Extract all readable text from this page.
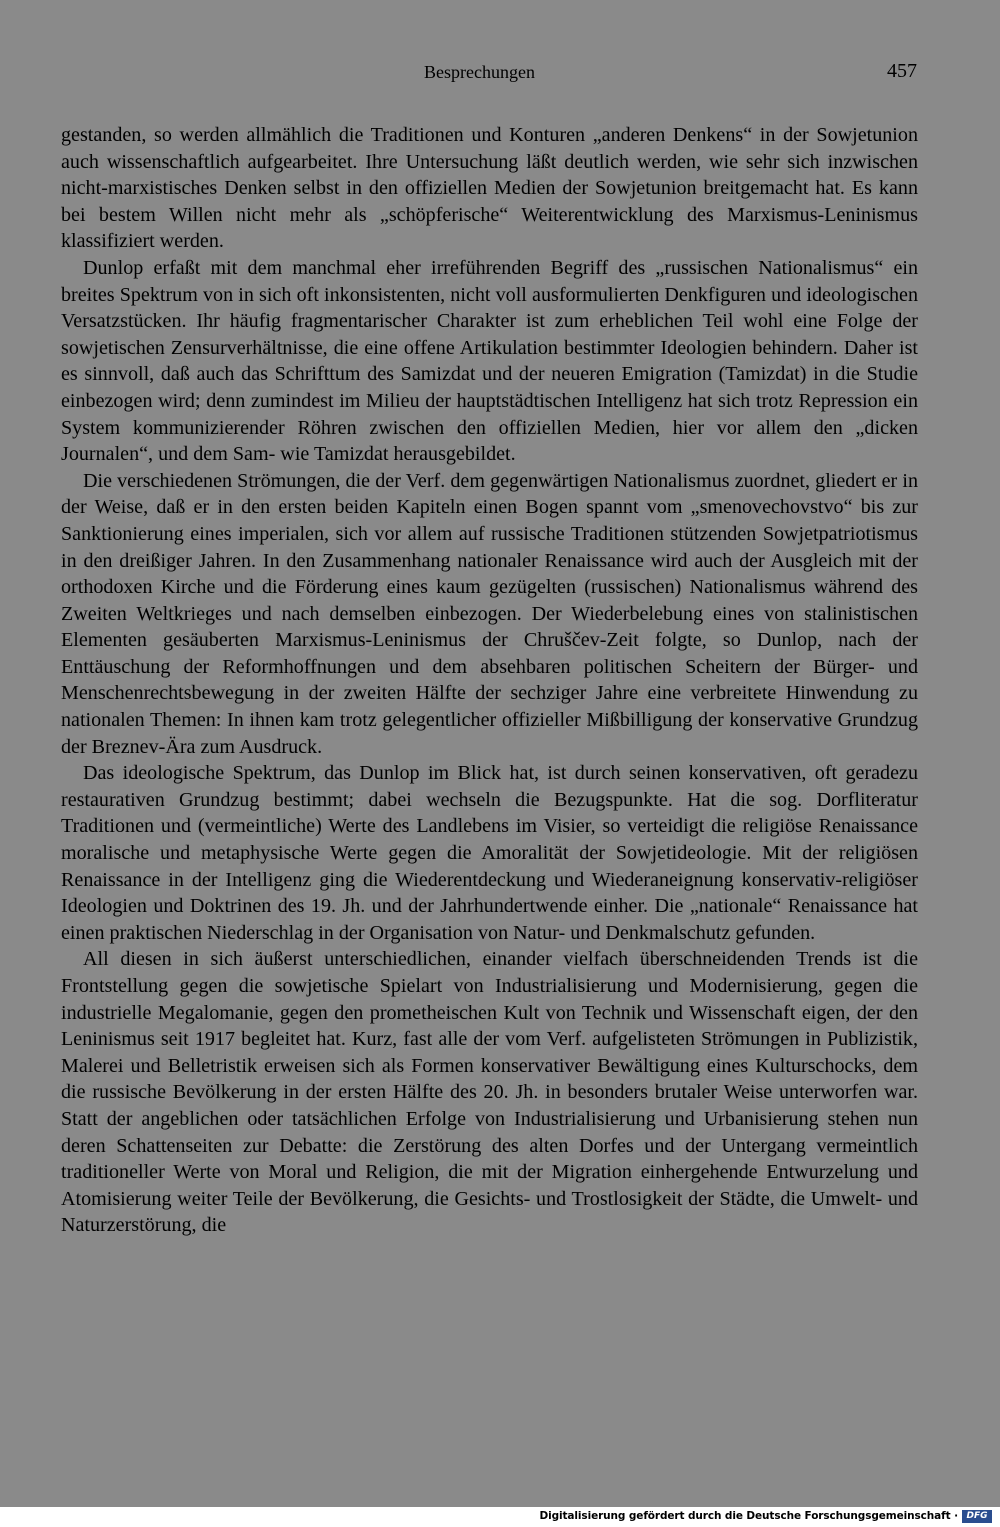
Besprechungen	457

gestanden, so werden allmählich die Traditionen und Konturen „anderen Denkens“ in der Sowjetunion auch wissenschaftlich aufgearbeitet. Ihre Untersuchung läßt deutlich werden, wie sehr sich inzwischen nicht-marxistisches Denken selbst in den offiziellen Medien der Sowjetunion breitgemacht hat. Es kann bei bestem Willen nicht mehr als „schöpferische“ Weiterentwicklung des Marxismus-Leninismus klassifiziert werden.

Dunlop erfaßt mit dem manchmal eher irreführenden Begriff des „russischen Nationalismus“ ein breites Spektrum von in sich oft inkonsistenten, nicht voll ausformulierten Denkfiguren und ideologischen Versatzstücken. Ihr häufig fragmentarischer Charakter ist zum erheblichen Teil wohl eine Folge der sowjetischen Zensurverhältnisse, die eine offene Artikulation bestimmter Ideologien behindern. Daher ist es sinnvoll, daß auch das Schrifttum des Samizdat und der neueren Emigration (Tamizdat) in die Studie einbezogen wird; denn zumindest im Milieu der hauptstädtischen Intelligenz hat sich trotz Repression ein System kommunizierender Röhren zwischen den offiziellen Medien, hier vor allem den „dicken Journalen“, und dem Sam- wie Tamizdat herausgebildet.

Die verschiedenen Strömungen, die der Verf. dem gegenwärtigen Nationalismus zuordnet, gliedert er in der Weise, daß er in den ersten beiden Kapiteln einen Bogen spannt vom „smenovechovstvo“ bis zur Sanktionierung eines imperialen, sich vor allem auf russische Traditionen stützenden Sowjetpatriotismus in den dreißiger Jahren. In den Zusammenhang nationaler Renaissance wird auch der Ausgleich mit der orthodoxen Kirche und die Förderung eines kaum gezügelten (russischen) Nationalismus während des Zweiten Weltkrieges und nach demselben einbezogen. Der Wiederbelebung eines von stalinistischen Elementen gesäuberten Marxismus-Leninismus der Chruščev-Zeit folgte, so Dunlop, nach der Enttäuschung der Reformhoffnungen und dem absehbaren politischen Scheitern der Bürger- und Menschenrechtsbewegung in der zweiten Hälfte der sechziger Jahre eine verbreitete Hinwendung zu nationalen Themen: In ihnen kam trotz gelegentlicher offizieller Mißbilligung der konservative Grundzug der Breznev-Ära zum Ausdruck.

Das ideologische Spektrum, das Dunlop im Blick hat, ist durch seinen konservativen, oft geradezu restaurativen Grundzug bestimmt; dabei wechseln die Bezugspunkte. Hat die sog. Dorfliteratur Traditionen und (vermeintliche) Werte des Landlebens im Visier, so verteidigt die religiöse Renaissance moralische und metaphysische Werte gegen die Amoralität der Sowjetideologie. Mit der religiösen Renaissance in der Intelligenz ging die Wiederentdeckung und Wiederaneignung konservativ-religiöser Ideologien und Doktrinen des 19. Jh. und der Jahrhundertwende einher. Die „nationale“ Renaissance hat einen praktischen Niederschlag in der Organisation von Natur- und Denkmalschutz gefunden.

All diesen in sich äußerst unterschiedlichen, einander vielfach überschneidenden Trends ist die Frontstellung gegen die sowjetische Spielart von Industrialisierung und Modernisierung, gegen die industrielle Megalomanie, gegen den prometheischen Kult von Technik und Wissenschaft eigen, der den Leninismus seit 1917 begleitet hat. Kurz, fast alle der vom Verf. aufgelisteten Strömungen in Publizistik, Malerei und Belletristik erweisen sich als Formen konservativer Bewältigung eines Kulturschocks, dem die russische Bevölkerung in der ersten Hälfte des 20. Jh. in besonders brutaler Weise unterworfen war. Statt der angeblichen oder tatsächlichen Erfolge von Industrialisierung und Urbanisierung stehen nun deren Schattenseiten zur Debatte: die Zerstörung des alten Dorfes und der Untergang vermeintlich traditioneller Werte von Moral und Religion, die mit der Migration einhergehende Entwurzelung und Atomisierung weiter Teile der Bevölkerung, die Gesichts- und Trostlosigkeit der Städte, die Umwelt- und Naturzerstörung, die

Digitalisierung gefördert durch die Deutsche Forschungsgemeinschaft · DFG
